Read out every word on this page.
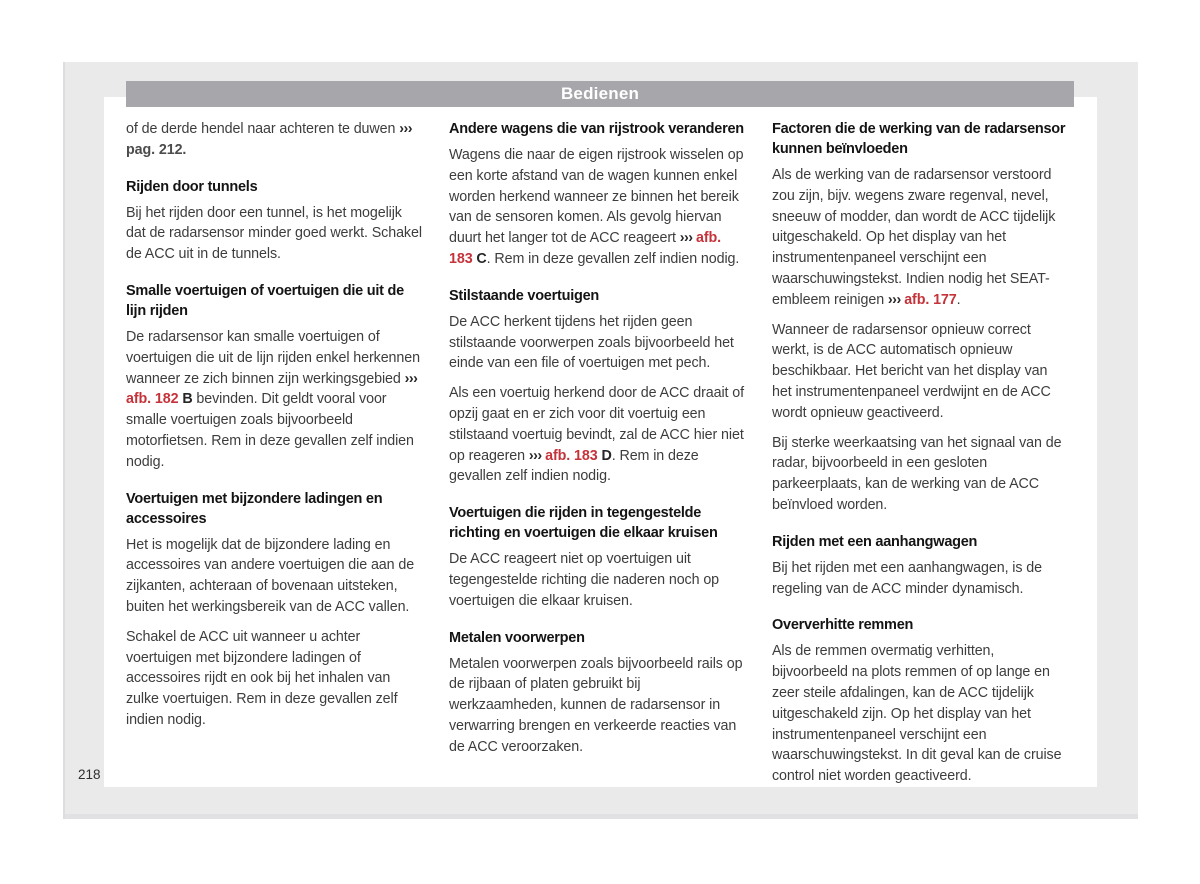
Bedienen

of de derde hendel naar achteren te duwen ››› pag. 212.

Rijden door tunnels

Bij het rijden door een tunnel, is het mogelijk dat de radarsensor minder goed werkt. Schakel de ACC uit in de tunnels.

Smalle voertuigen of voertuigen die uit de lijn rijden

De radarsensor kan smalle voertuigen of voertuigen die uit de lijn rijden enkel herkennen wanneer ze zich binnen zijn werkingsgebied ››› afb. 182 B bevinden. Dit geldt vooral voor smalle voertuigen zoals bijvoorbeeld motorfietsen. Rem in deze gevallen zelf indien nodig.

Voertuigen met bijzondere ladingen en accessoires

Het is mogelijk dat de bijzondere lading en accessoires van andere voertuigen die aan de zijkanten, achteraan of bovenaan uitsteken, buiten het werkingsbereik van de ACC vallen.

Schakel de ACC uit wanneer u achter voertuigen met bijzondere ladingen of accessoires rijdt en ook bij het inhalen van zulke voertuigen. Rem in deze gevallen zelf indien nodig.

Andere wagens die van rijstrook veranderen

Wagens die naar de eigen rijstrook wisselen op een korte afstand van de wagen kunnen enkel worden herkend wanneer ze binnen het bereik van de sensoren komen. Als gevolg hiervan duurt het langer tot de ACC reageert ››› afb. 183 C. Rem in deze gevallen zelf indien nodig.

Stilstaande voertuigen

De ACC herkent tijdens het rijden geen stilstaande voorwerpen zoals bijvoorbeeld het einde van een file of voertuigen met pech.

Als een voertuig herkend door de ACC draait of opzij gaat en er zich voor dit voertuig een stilstaand voertuig bevindt, zal de ACC hier niet op reageren ››› afb. 183 D. Rem in deze gevallen zelf indien nodig.

Voertuigen die rijden in tegengestelde richting en voertuigen die elkaar kruisen

De ACC reageert niet op voertuigen uit tegengestelde richting die naderen noch op voertuigen die elkaar kruisen.

Metalen voorwerpen

Metalen voorwerpen zoals bijvoorbeeld rails op de rijbaan of platen gebruikt bij werkzaamheden, kunnen de radarsensor in verwarring brengen en verkeerde reacties van de ACC veroorzaken.

Factoren die de werking van de radarsensor kunnen beïnvloeden

Als de werking van de radarsensor verstoord zou zijn, bijv. wegens zware regenval, nevel, sneeuw of modder, dan wordt de ACC tijdelijk uitgeschakeld. Op het display van het instrumentenpaneel verschijnt een waarschuwingstekst. Indien nodig het SEAT-embleem reinigen ››› afb. 177.

Wanneer de radarsensor opnieuw correct werkt, is de ACC automatisch opnieuw beschikbaar. Het bericht van het display van het instrumentenpaneel verdwijnt en de ACC wordt opnieuw geactiveerd.

Bij sterke weerkaatsing van het signaal van de radar, bijvoorbeeld in een gesloten parkeerplaats, kan de werking van de ACC beïnvloed worden.

Rijden met een aanhangwagen

Bij het rijden met een aanhangwagen, is de regeling van de ACC minder dynamisch.

Oververhitte remmen

Als de remmen overmatig verhitten, bijvoorbeeld na plots remmen of op lange en zeer steile afdalingen, kan de ACC tijdelijk uitgeschakeld zijn. Op het display van het instrumentenpaneel verschijnt een waarschuwingstekst. In dit geval kan de cruise control niet worden geactiveerd.

218
